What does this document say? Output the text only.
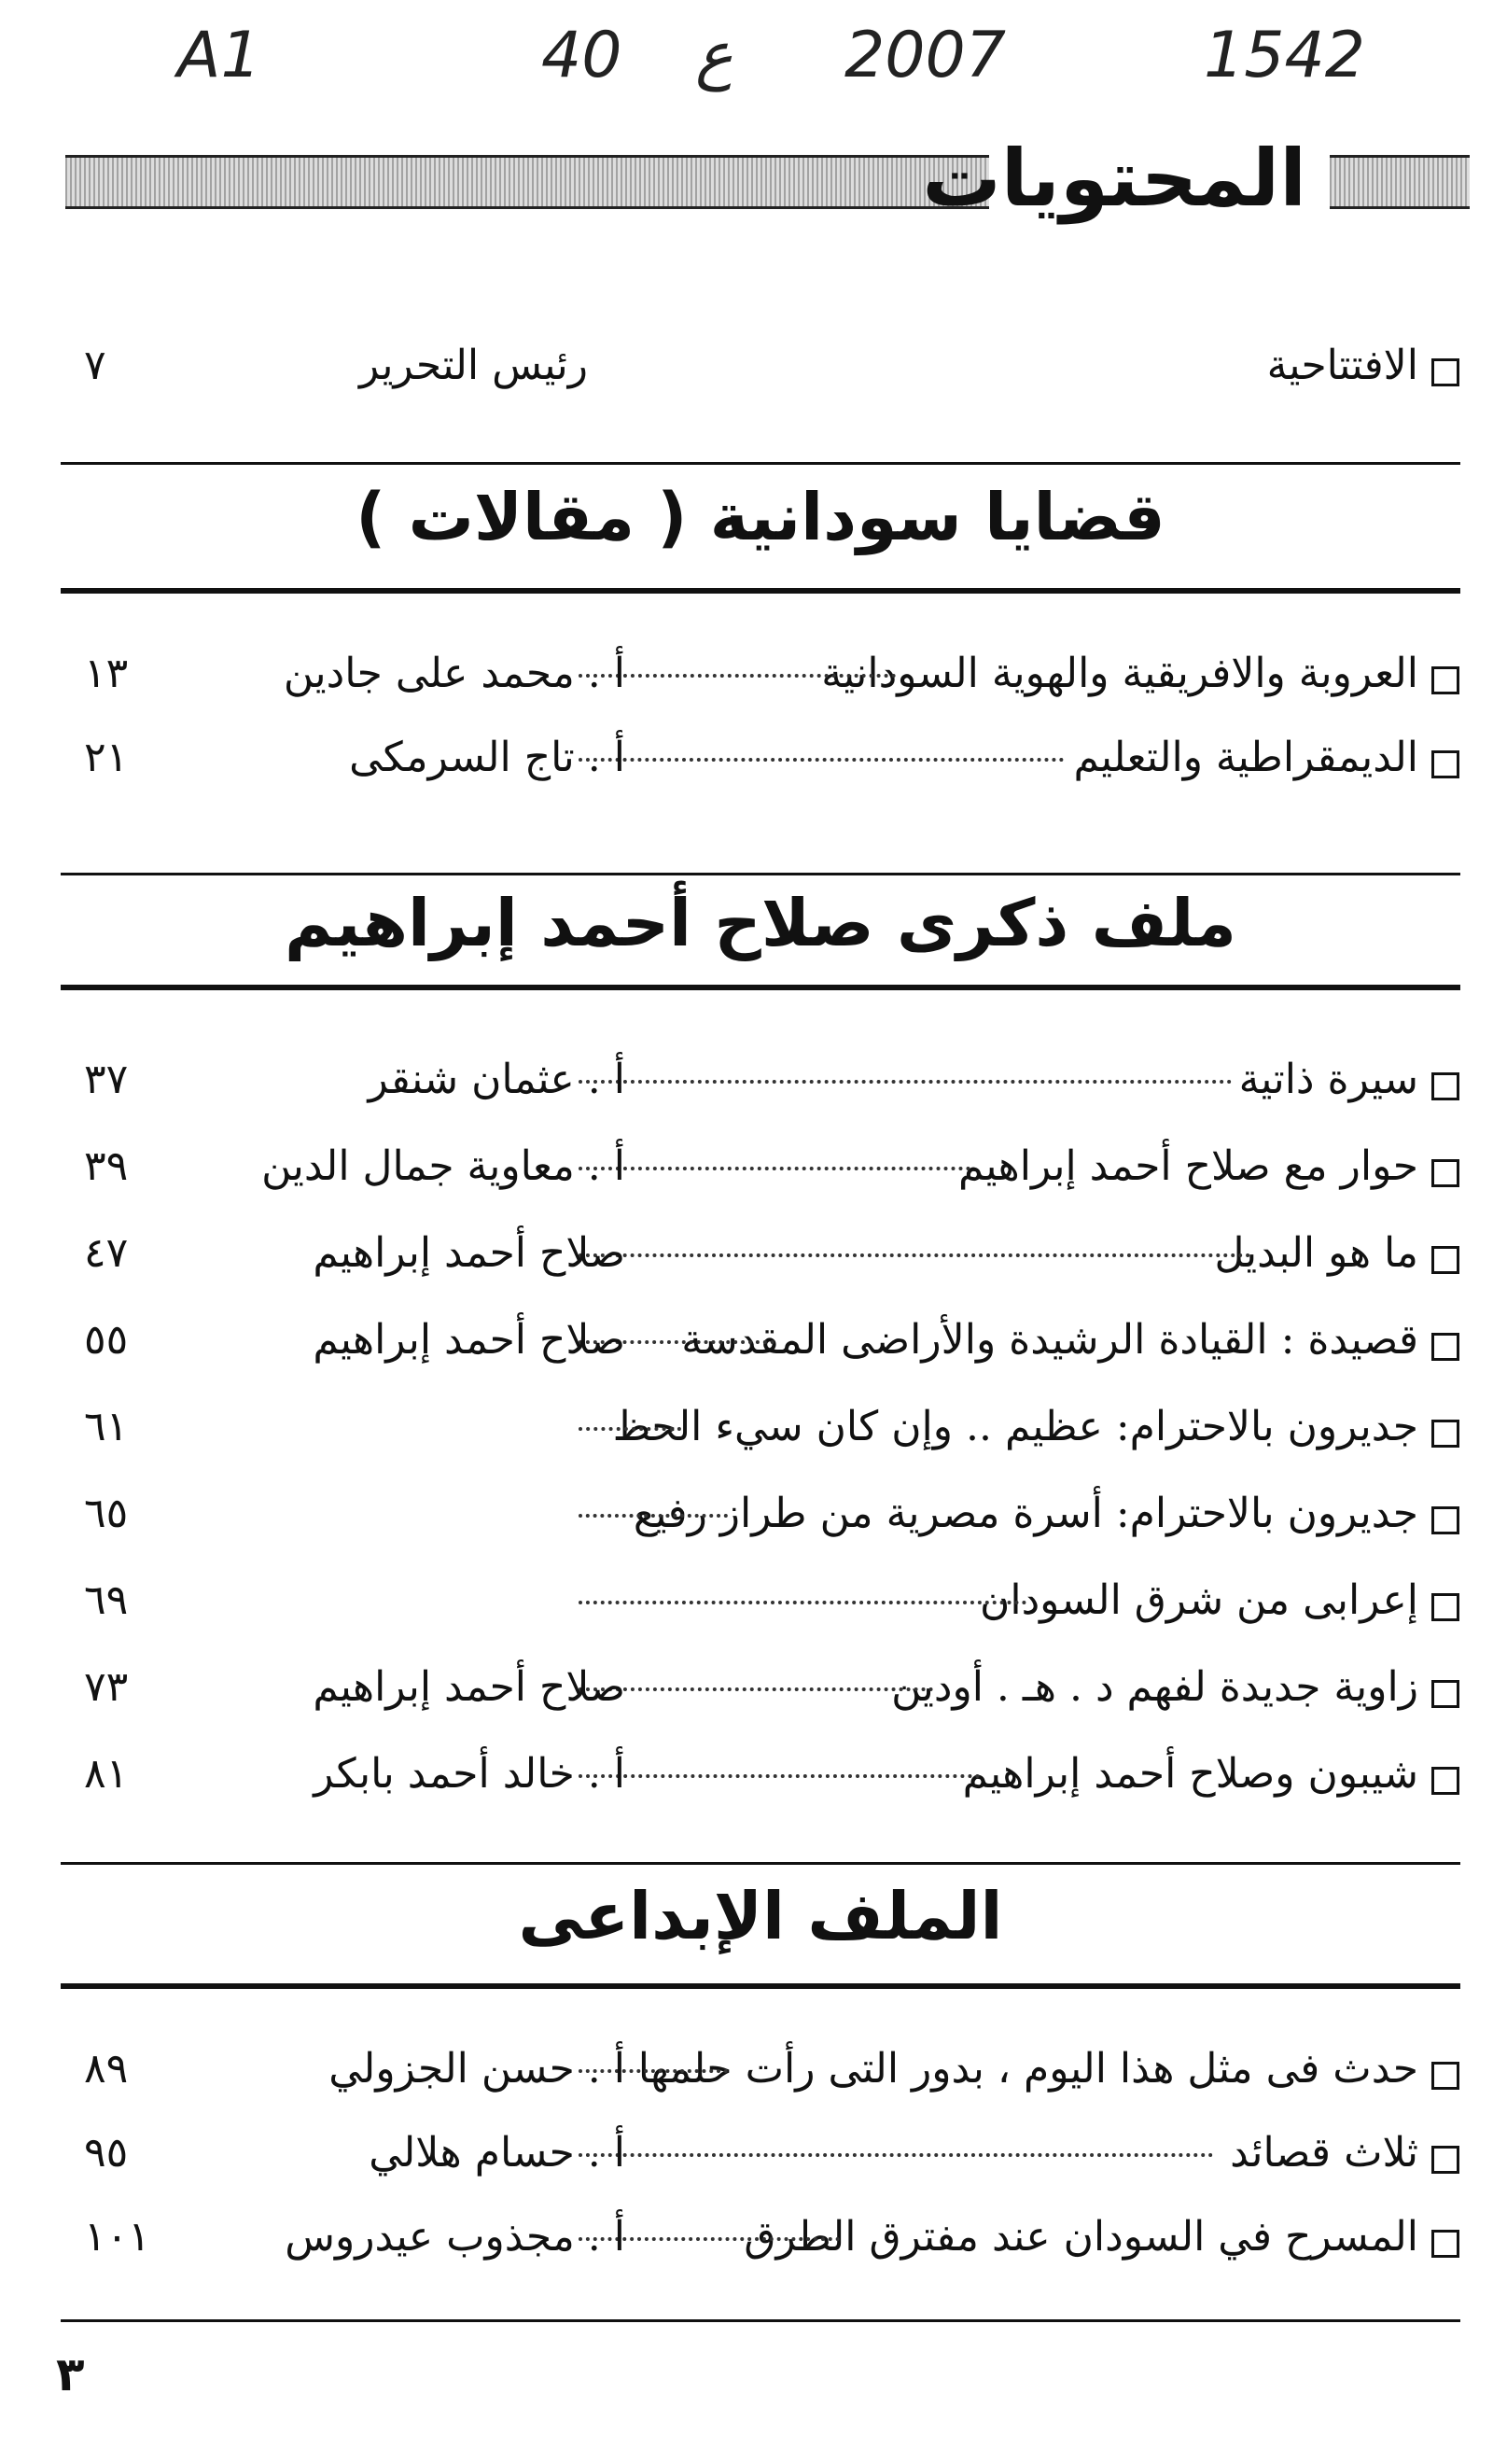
A1	40 ع 2007	1542
المحتويات
الافتتاحية
رئيس التحرير
٧
قضايا سودانية ( مقالات )
العروبة والافريقية والهوية السودانية
أ . محمد على جادين
١٣
الديمقراطية والتعليم
أ . تاج السرمكى
٢١
ملف ذكرى صلاح أحمد إبراهيم
سيرة ذاتية
أ . عثمان شنقر
٣٧
حوار مع صلاح أحمد إبراهيم
أ . معاوية جمال الدين
٣٩
ما هو البديل
صلاح أحمد إبراهيم
٤٧
قصيدة : القيادة الرشيدة والأراضى المقدسة
صلاح أحمد إبراهيم
٥٥
جديرون بالاحترام: عظيم .. وإن كان سيء الحظ
٦١
جديرون بالاحترام: أسرة مصرية من طراز رفيع
٦٥
إعرابى من شرق السودان
٦٩
زاوية جديدة لفهم د . هـ . أودين
صلاح أحمد إبراهيم
٧٣
شيبون وصلاح أحمد إبراهيم
أ . خالد أحمد بابكر
٨١
الملف الإبداعى
حدث فى مثل هذا اليوم ، بدور التى رأت حلمها
أ . حسن الجزولي
٨٩
ثلاث قصائد
أ . حسام هلالي
٩٥
المسرح في السودان عند مفترق الطرق
أ . مجذوب عيدروس
١٠١
٣
